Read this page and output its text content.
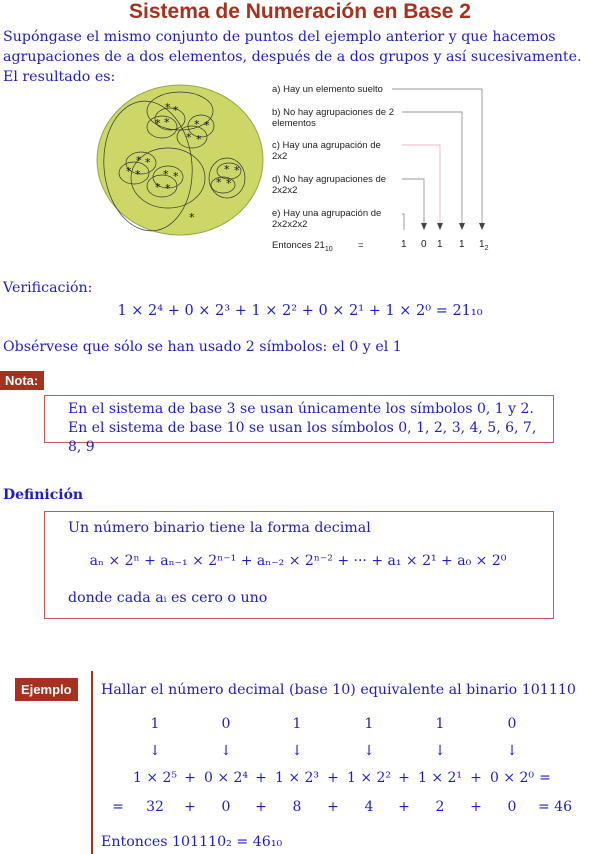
Sistema de Numeración en Base 2
Supóngase el mismo conjunto de puntos del ejemplo anterior y que hacemos agrupaciones de a dos elementos, después de a dos grupos y así sucesivamente. El resultado es:
* *
* * * *
* *
* *
* * * *
* *
* *
* *
*
a) Hay un elemento suelto
b) No hay agrupaciones de 2
elementos
c) Hay una agrupación de
2x2
d) No hay agrupaciones de
2x2x2
e) Hay una agrupación de
2x2x2x2
Entonces $21_{10}$	=	1 0 1 1 $1_2$
Verificación:
1 × 2⁴ + 0 × 2³ + 1 × 2² + 0 × 2¹ + 1 × 2⁰ = 21₁₀
Obsérvese que sólo se han usado 2 símbolos: el 0 y el 1
Nota:
En el sistema de base 3 se usan únicamente los símbolos 0, 1 y 2. En el sistema de base 10 se usan los símbolos 0, 1, 2, 3, 4, 5, 6, 7, 8, 9
Definición
Un número binario tiene la forma decimal
aₙ × 2ⁿ + aₙ₋₁ × 2ⁿ⁻¹ + aₙ₋₂ × 2ⁿ⁻² + ··· + a₁ × 2¹ + a₀ × 2⁰
donde cada aᵢ es cero o uno
Ejemplo	Hallar el número decimal (base 10) equivalente al binario 101110
1	0	1	1	1	0
↓	↓	↓	↓	↓	↓
1 × 2⁵ + 0 × 2⁴ + 1 × 2³ + 1 × 2² + 1 × 2¹ + 0 × 2⁰ =
=	32	+	0	+	8	+	4	+	2	+	0	= 46
Entonces 101110₂ = 46₁₀
